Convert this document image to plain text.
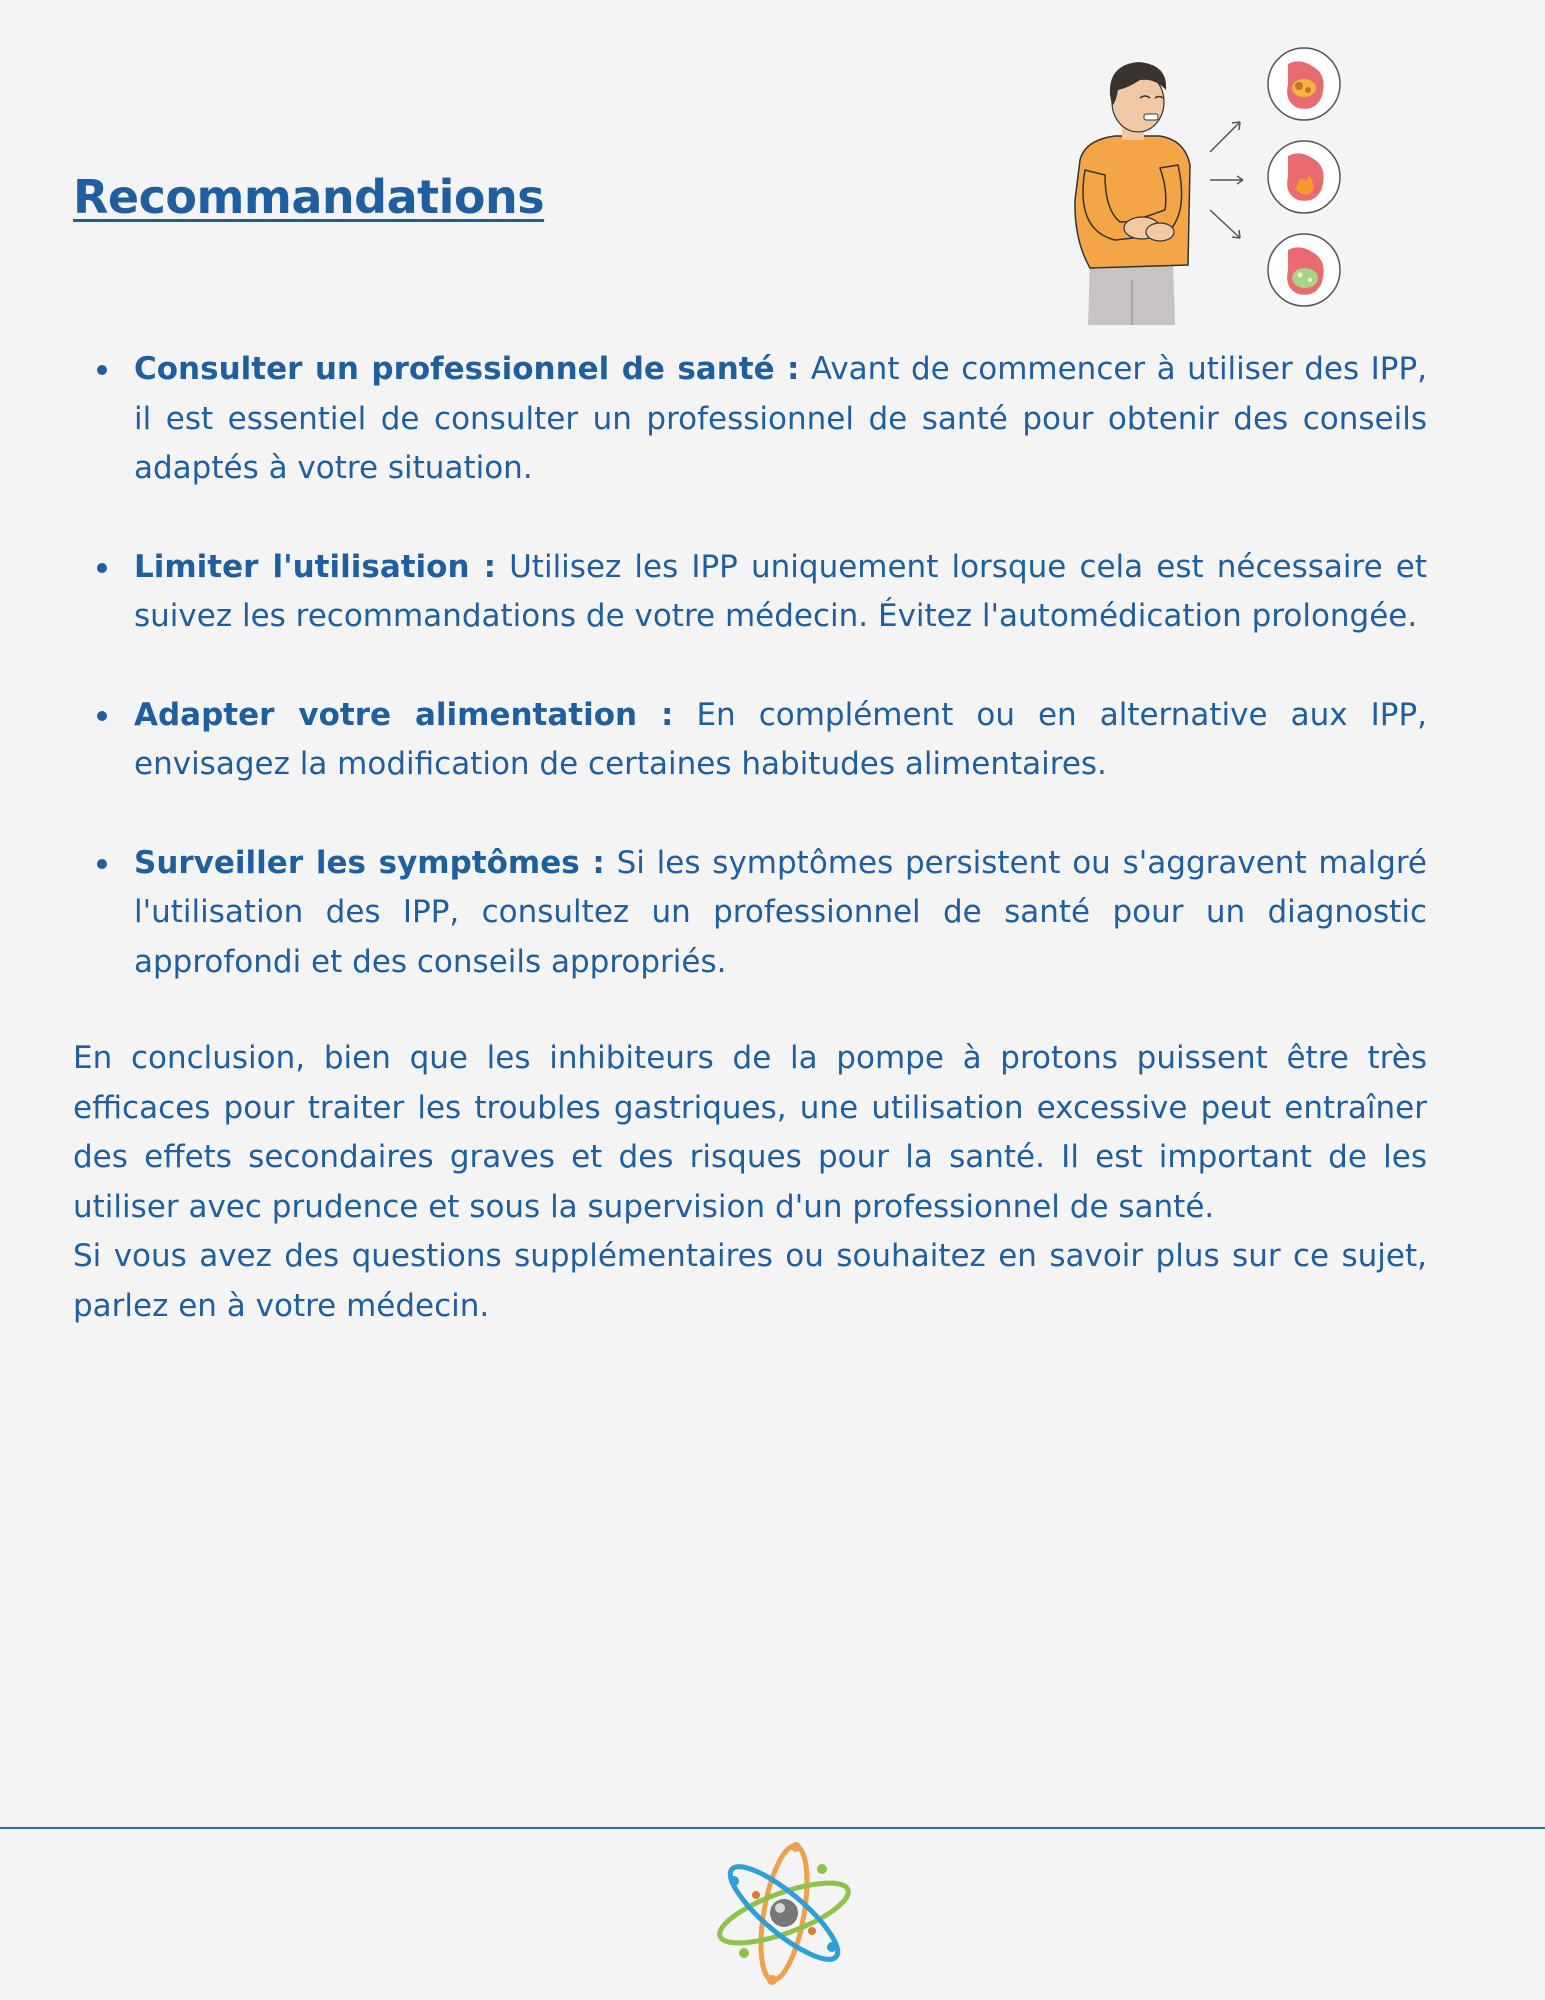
Recommandations
Consulter un professionnel de santé : Avant de commencer à utiliser des IPP, il est essentiel de consulter un professionnel de santé pour obtenir des conseils adaptés à votre situation.
Limiter l'utilisation : Utilisez les IPP uniquement lorsque cela est nécessaire et suivez les recommandations de votre médecin. Évitez l'automédication prolongée.
Adapter votre alimentation : En complément ou en alternative aux IPP, envisagez la modification de certaines habitudes alimentaires.
Surveiller les symptômes : Si les symptômes persistent ou s'aggravent malgré l'utilisation des IPP, consultez un professionnel de santé pour un diagnostic approfondi et des conseils appropriés.

En conclusion, bien que les inhibiteurs de la pompe à protons puissent être très efficaces pour traiter les troubles gastriques, une utilisation excessive peut entraîner des effets secondaires graves et des risques pour la santé. Il est important de les utiliser avec prudence et sous la supervision d'un professionnel de santé.

Si vous avez des questions supplémentaires ou souhaitez en savoir plus sur ce sujet, parlez en à votre médecin.
